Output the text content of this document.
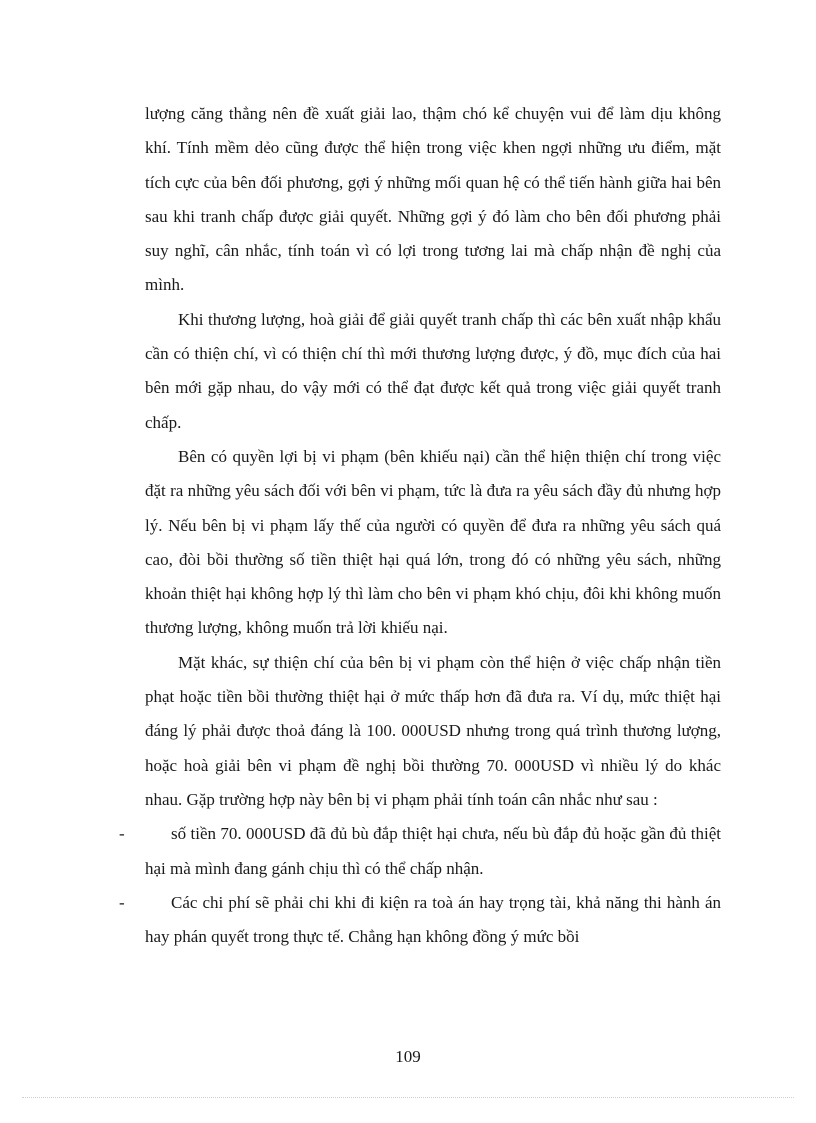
lượng căng thẳng nên đề xuất giải lao, thậm chó kể chuyện vui để làm dịu không khí. Tính mềm dẻo cũng được thể hiện trong việc khen ngợi những ưu điểm, mặt tích cực của bên đối phương, gợi ý những mối quan hệ có thể tiến hành giữa hai bên sau khi tranh chấp được giải quyết. Những gợi ý đó làm cho bên đối phương phải suy nghĩ, cân nhắc, tính toán vì có lợi trong tương lai mà chấp nhận đề nghị của mình.

Khi thương lượng, hoà giải để giải quyết tranh chấp thì các bên xuất nhập khẩu cần có thiện chí, vì có thiện chí thì mới thương lượng được, ý đồ, mục đích của hai bên mới gặp nhau, do vậy mới có thể đạt được kết quả trong việc giải quyết tranh chấp.

Bên có quyền lợi bị vi phạm (bên khiếu nại) cần thể hiện thiện chí trong việc đặt ra những yêu sách đối với bên vi phạm, tức là đưa ra yêu sách đầy đủ nhưng hợp lý. Nếu bên bị vi phạm lấy thế của người có quyền để đưa ra những yêu sách quá cao, đòi bồi thường số tiền thiệt hại quá lớn, trong đó có những yêu sách, những khoản thiệt hại không hợp lý thì làm cho bên vi phạm khó chịu, đôi khi không muốn thương lượng, không muốn trả lời khiếu nại.

Mặt khác, sự thiện chí của bên bị vi phạm còn thể hiện ở việc chấp nhận tiền phạt hoặc tiền bồi thường thiệt hại ở mức thấp hơn đã đưa ra. Ví dụ, mức thiệt hại đáng lý phải được thoả đáng là 100. 000USD nhưng trong quá trình thương lượng, hoặc hoà giải bên vi phạm đề nghị bồi thường 70. 000USD vì nhiều lý do khác nhau. Gặp trường hợp này bên bị vi phạm phải tính toán cân nhắc như sau :

-	số tiền 70. 000USD đã đủ bù đắp thiệt hại chưa, nếu bù đắp đủ hoặc gần đủ thiệt hại mà mình đang gánh chịu thì có thể chấp nhận.

-	Các chi phí sẽ phải chi khi đi kiện ra toà án hay trọng tài, khả năng thi hành án hay phán quyết trong thực tế. Chẳng hạn không đồng ý mức bồi

109
